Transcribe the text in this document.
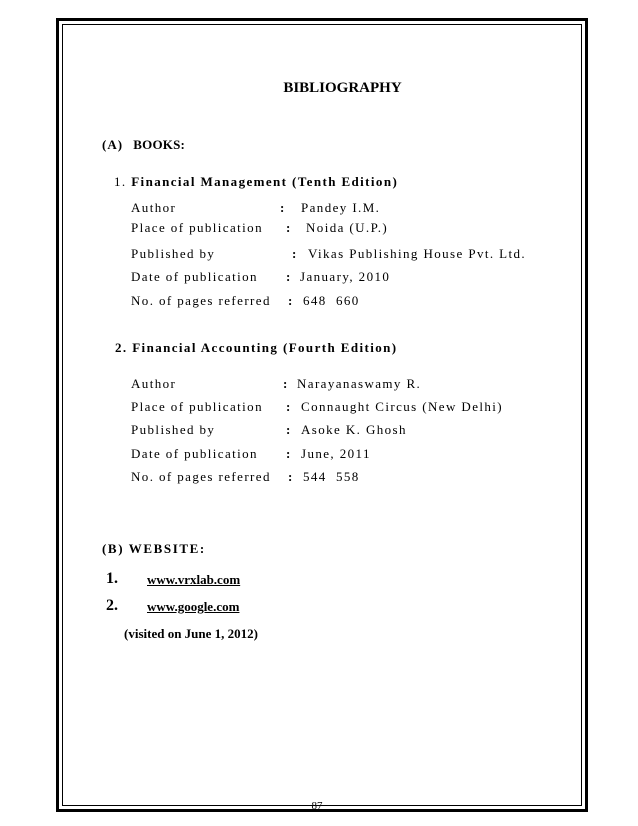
BIBLIOGRAPHY
(A) BOOKS:
1. Financial Management (Tenth Edition)
Author	: Pandey I.M.
Place of publication : Noida (U.P.)
Published by	: Vikas Publishing House Pvt. Ltd.
Date of publication : January, 2010
No. of pages referred : 648  660
2. Financial Accounting (Fourth Edition)
Author	: Narayanaswamy R.
Place of publication : Connaught Circus (New Delhi)
Published by	: Asoke K. Ghosh
Date of publication : June, 2011
No. of pages referred : 544  558
(B) WEBSITE:
1. www.vrxlab.com
2. www.google.com
(visited on June 1, 2012)
87
